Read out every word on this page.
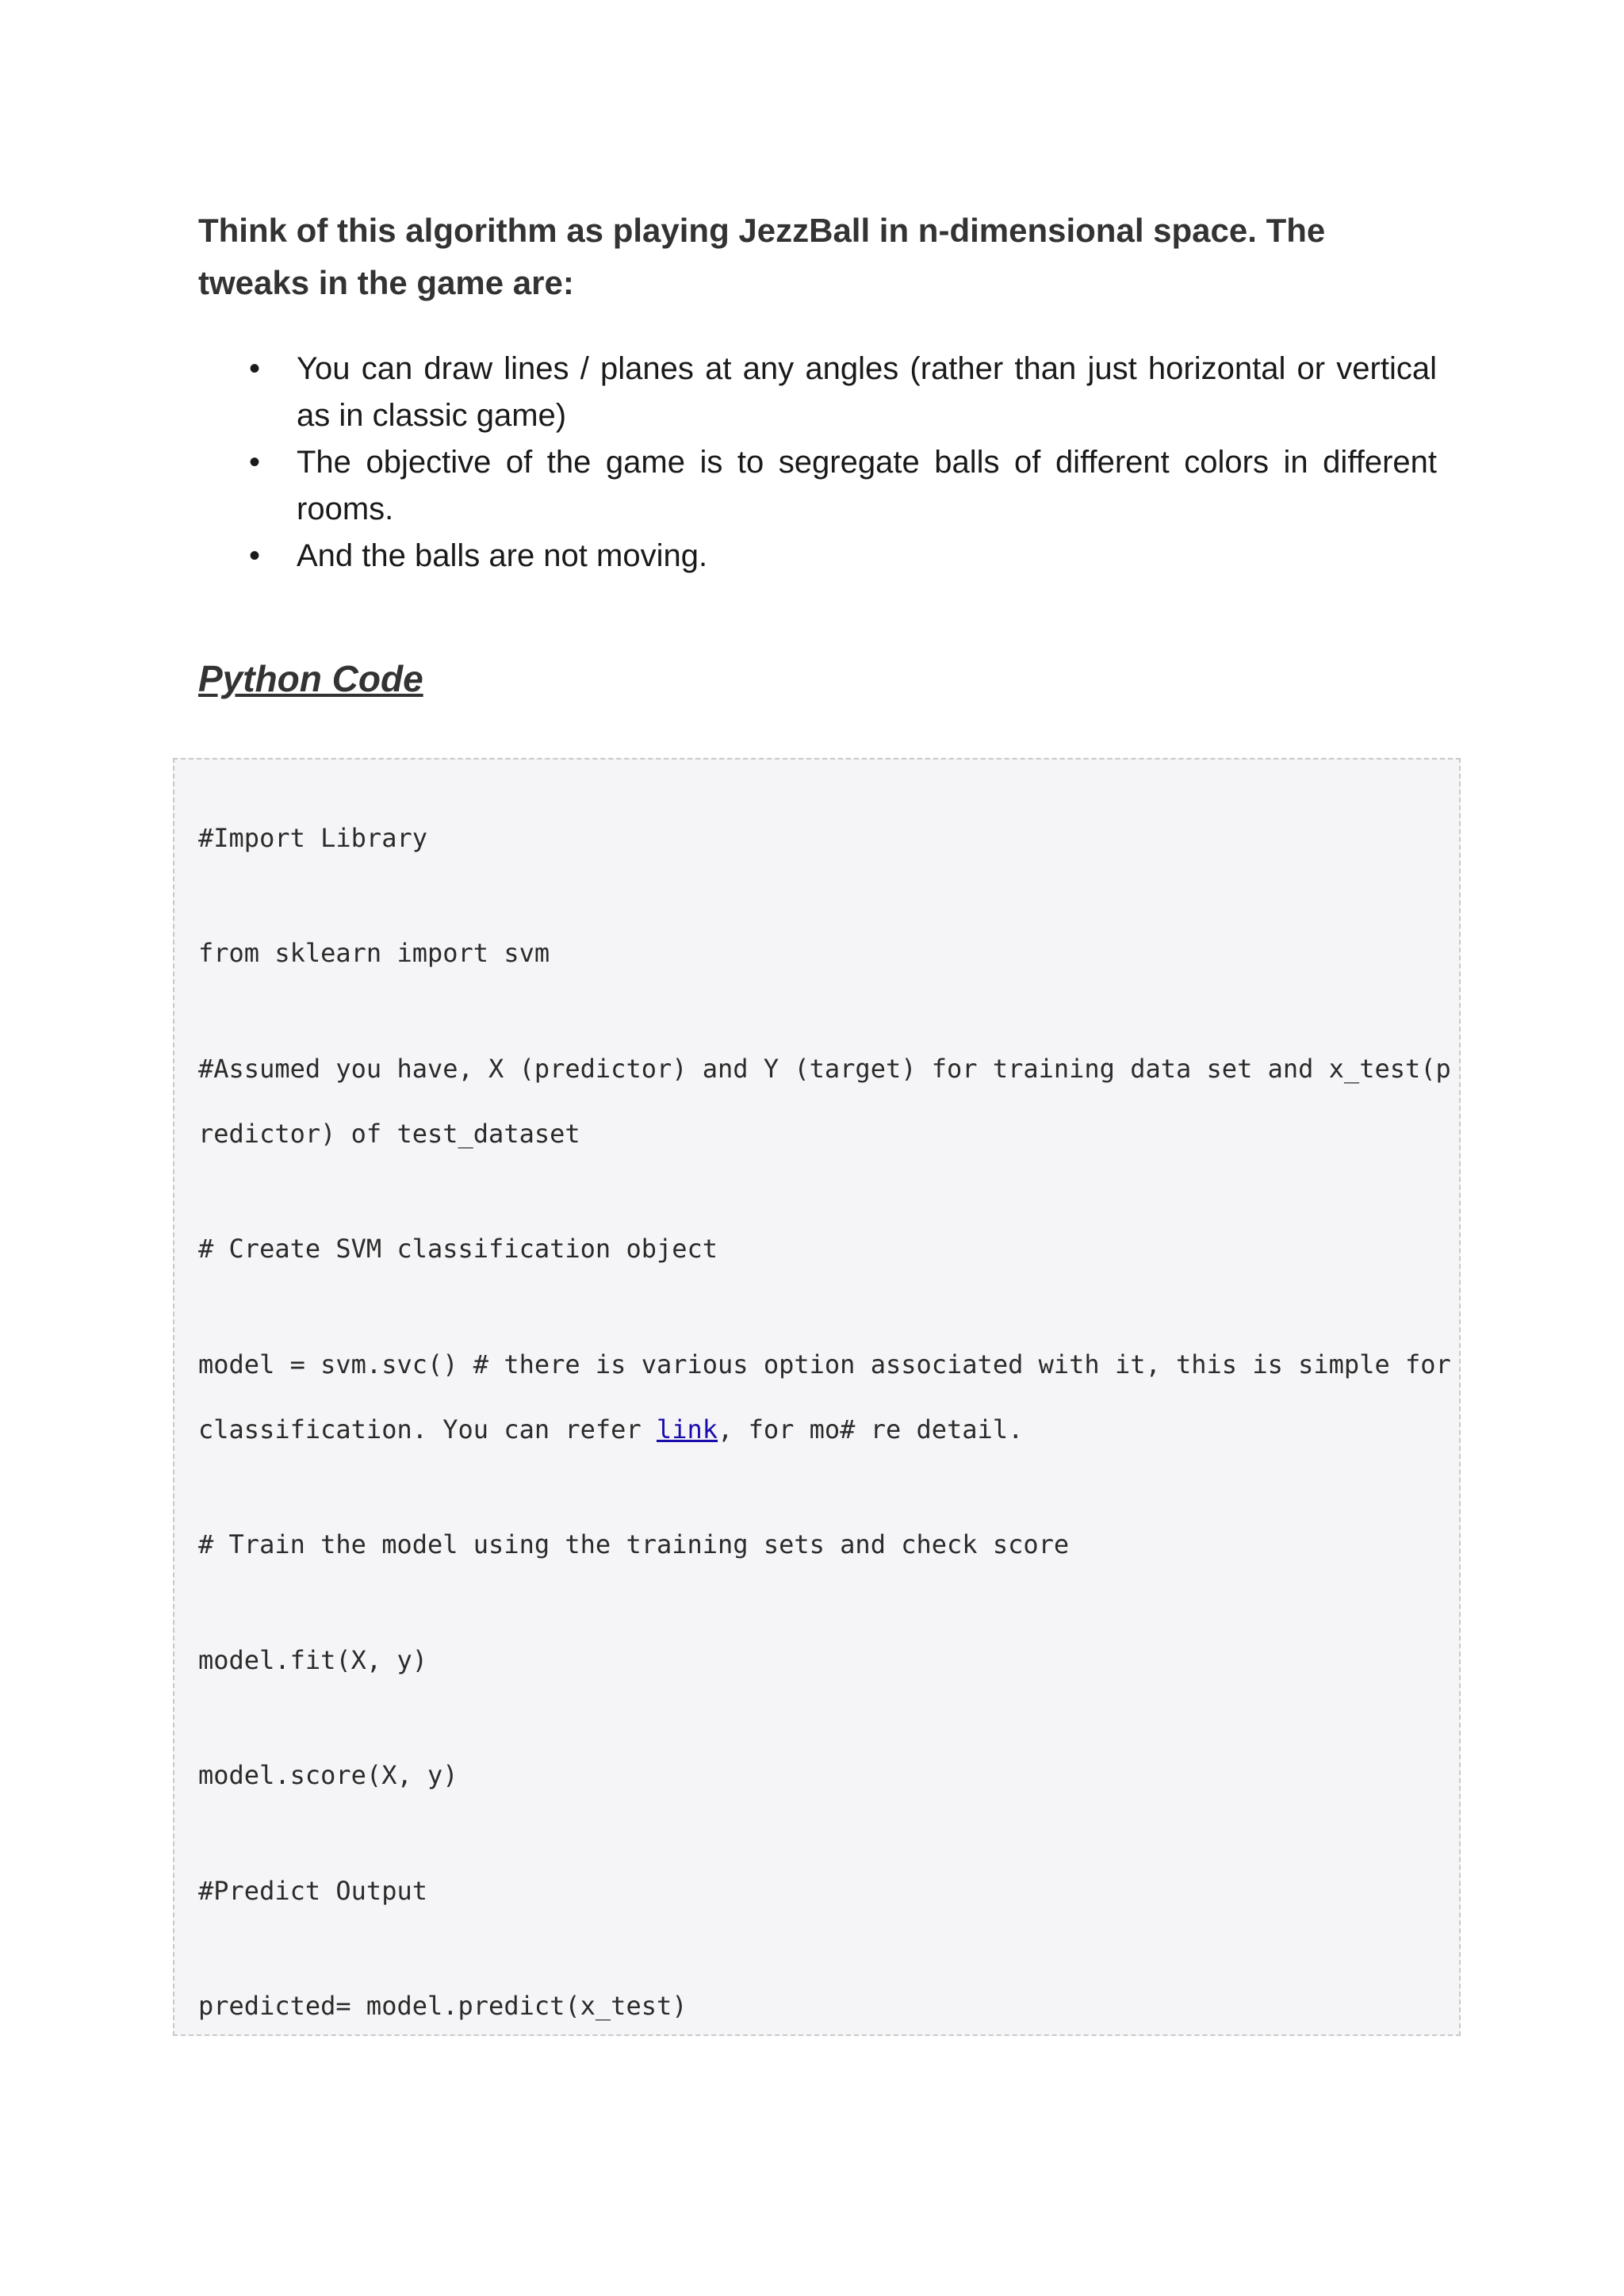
Think of this algorithm as playing JezzBall in n-dimensional space. The tweaks in the game are:

• You can draw lines / planes at any angles (rather than just horizontal or vertical as in classic game)
• The objective of the game is to segregate balls of different colors in different rooms.
• And the balls are not moving.
Python Code

#Import Library

from sklearn import svm

#Assumed you have, X (predictor) and Y (target) for training data set and x_test(p

redictor) of test_dataset

# Create SVM classification object

model = svm.svc() # there is various option associated with it, this is simple for

classification. You can refer link, for mo# re detail.

# Train the model using the training sets and check score

model.fit(X, y)

model.score(X, y)

#Predict Output

predicted= model.predict(x_test)
